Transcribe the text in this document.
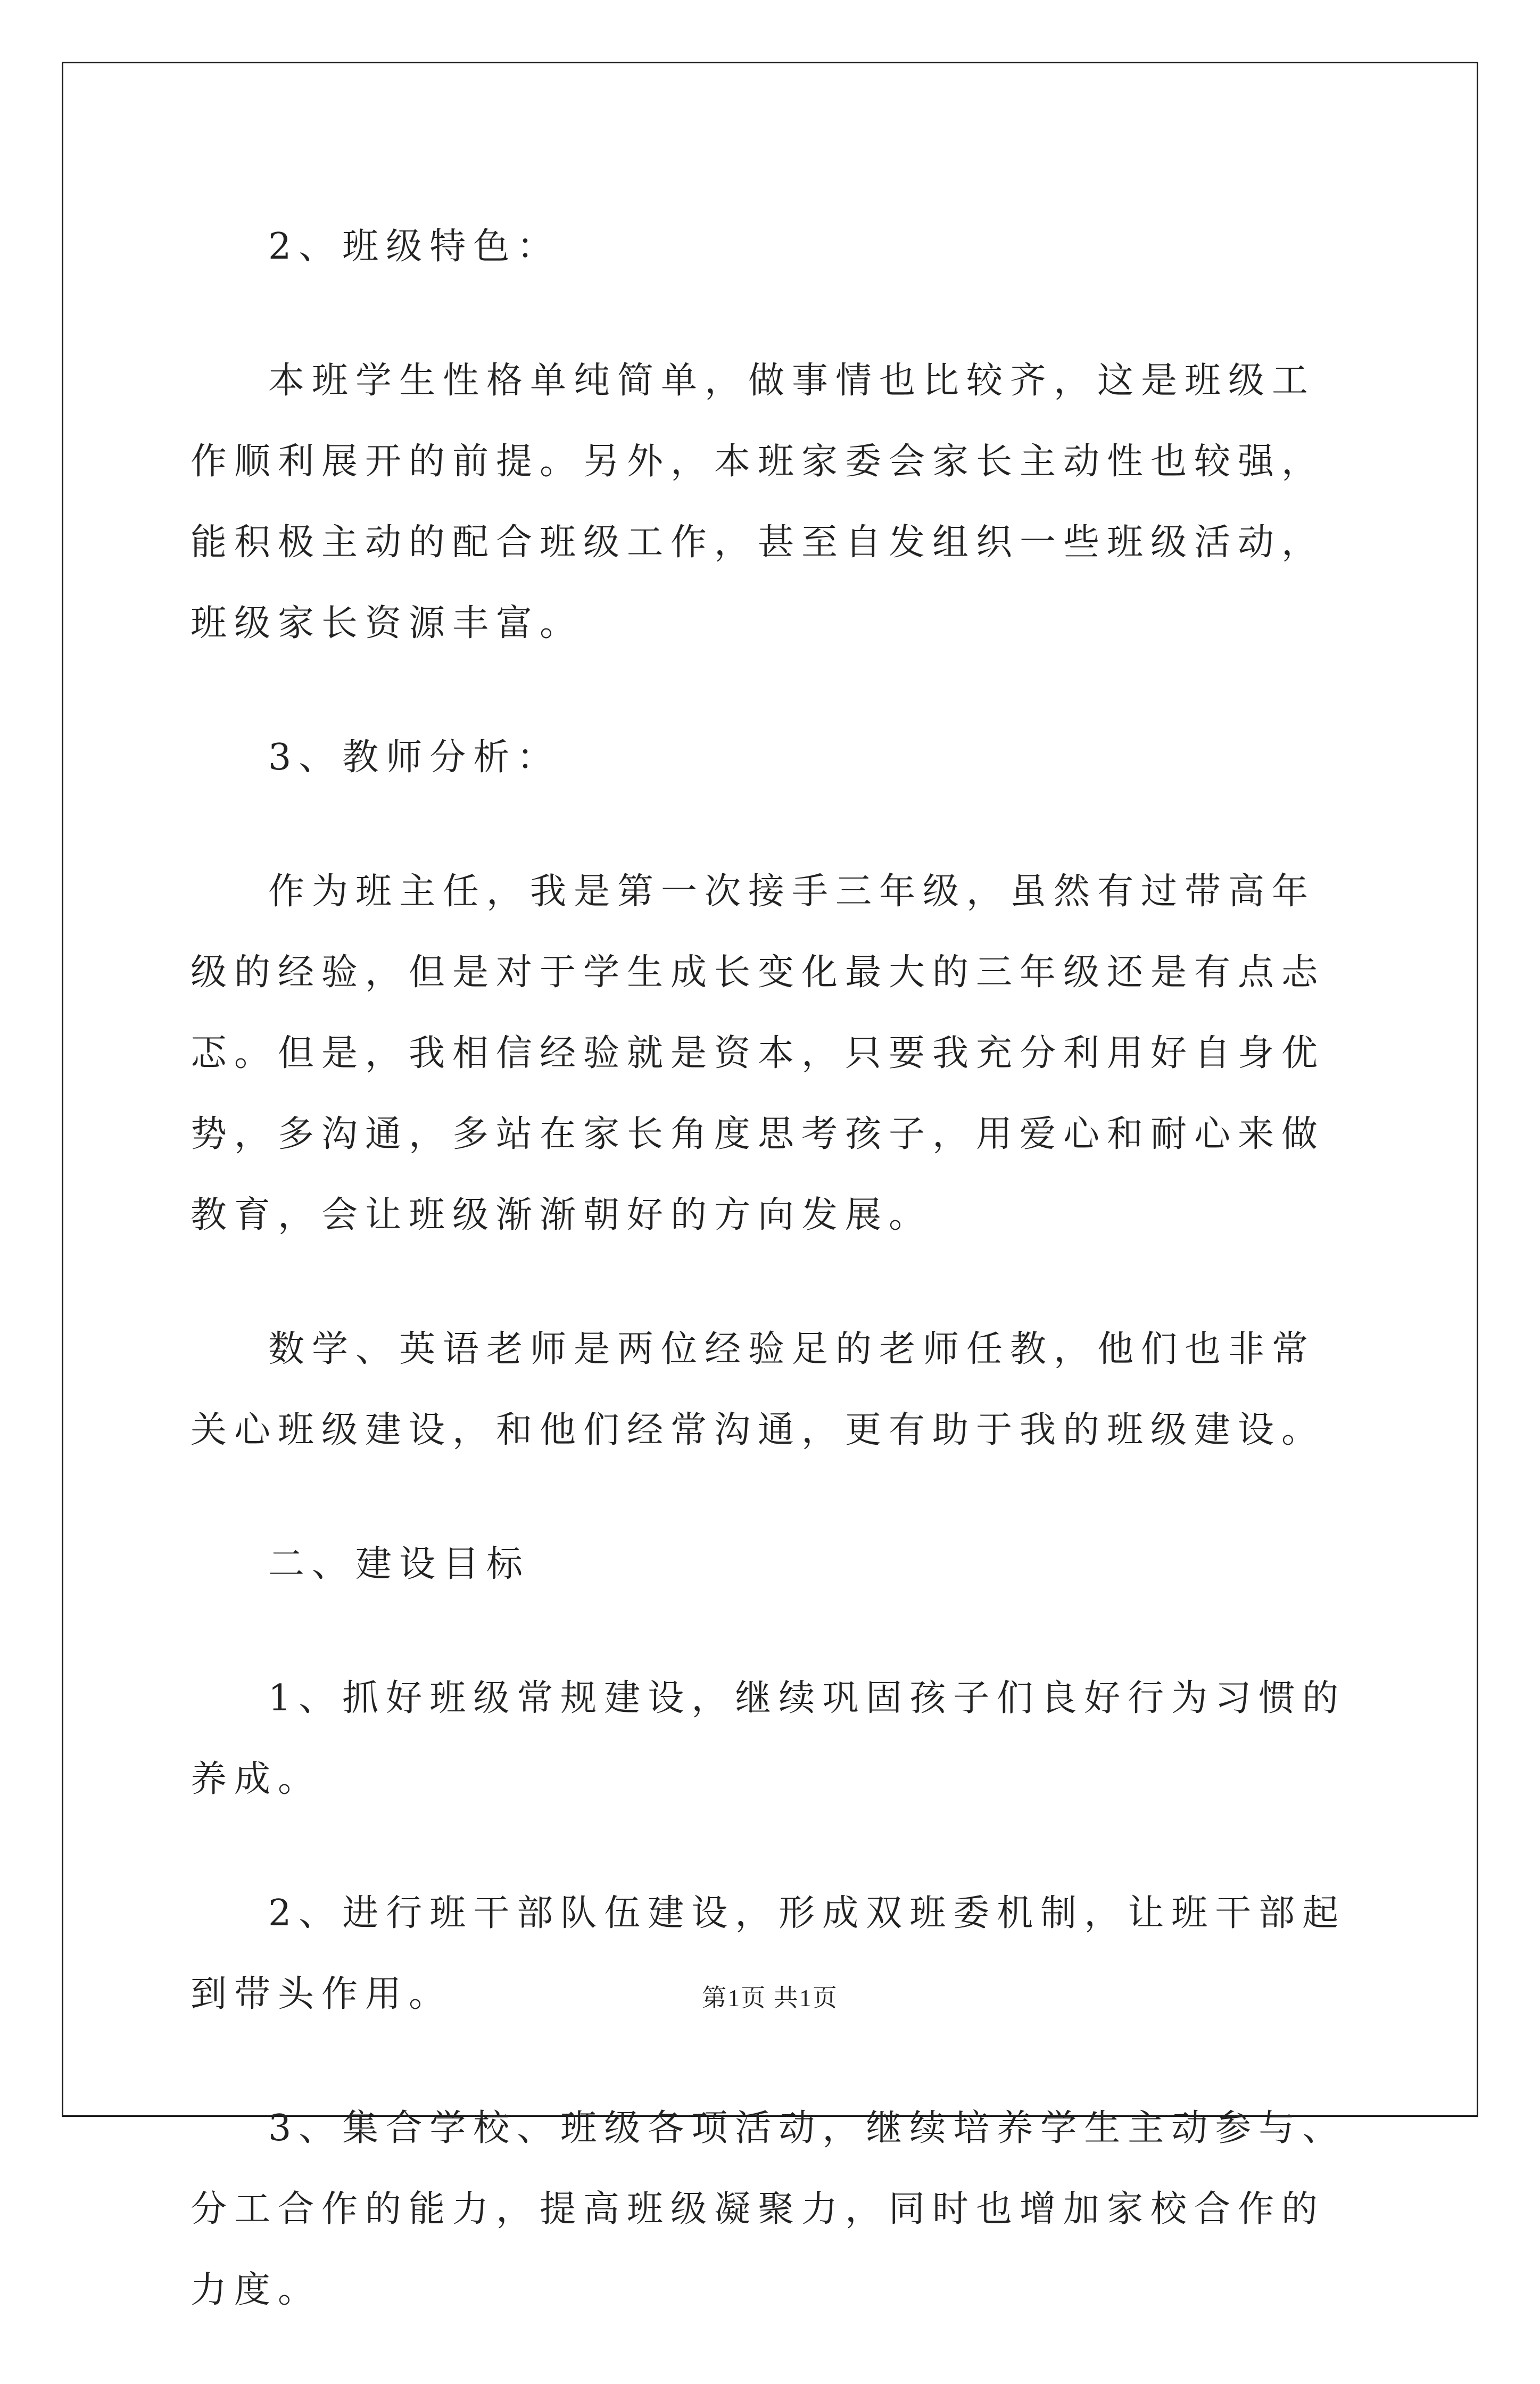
2、班级特色：

本班学生性格单纯简单，做事情也比较齐，这是班级工作顺利展开的前提。另外，本班家委会家长主动性也较强，能积极主动的配合班级工作，甚至自发组织一些班级活动，班级家长资源丰富。

3、教师分析：

作为班主任，我是第一次接手三年级，虽然有过带高年级的经验，但是对于学生成长变化最大的三年级还是有点忐忑。但是，我相信经验就是资本，只要我充分利用好自身优势，多沟通，多站在家长角度思考孩子，用爱心和耐心来做教育，会让班级渐渐朝好的方向发展。

数学、英语老师是两位经验足的老师任教，他们也非常关心班级建设，和他们经常沟通，更有助于我的班级建设。

二、建设目标

1、抓好班级常规建设，继续巩固孩子们良好行为习惯的养成。

2、进行班干部队伍建设，形成双班委机制，让班干部起到带头作用。

3、集合学校、班级各项活动，继续培养学生主动参与、分工合作的能力，提高班级凝聚力，同时也增加家校合作的力度。

第1页 共1页
